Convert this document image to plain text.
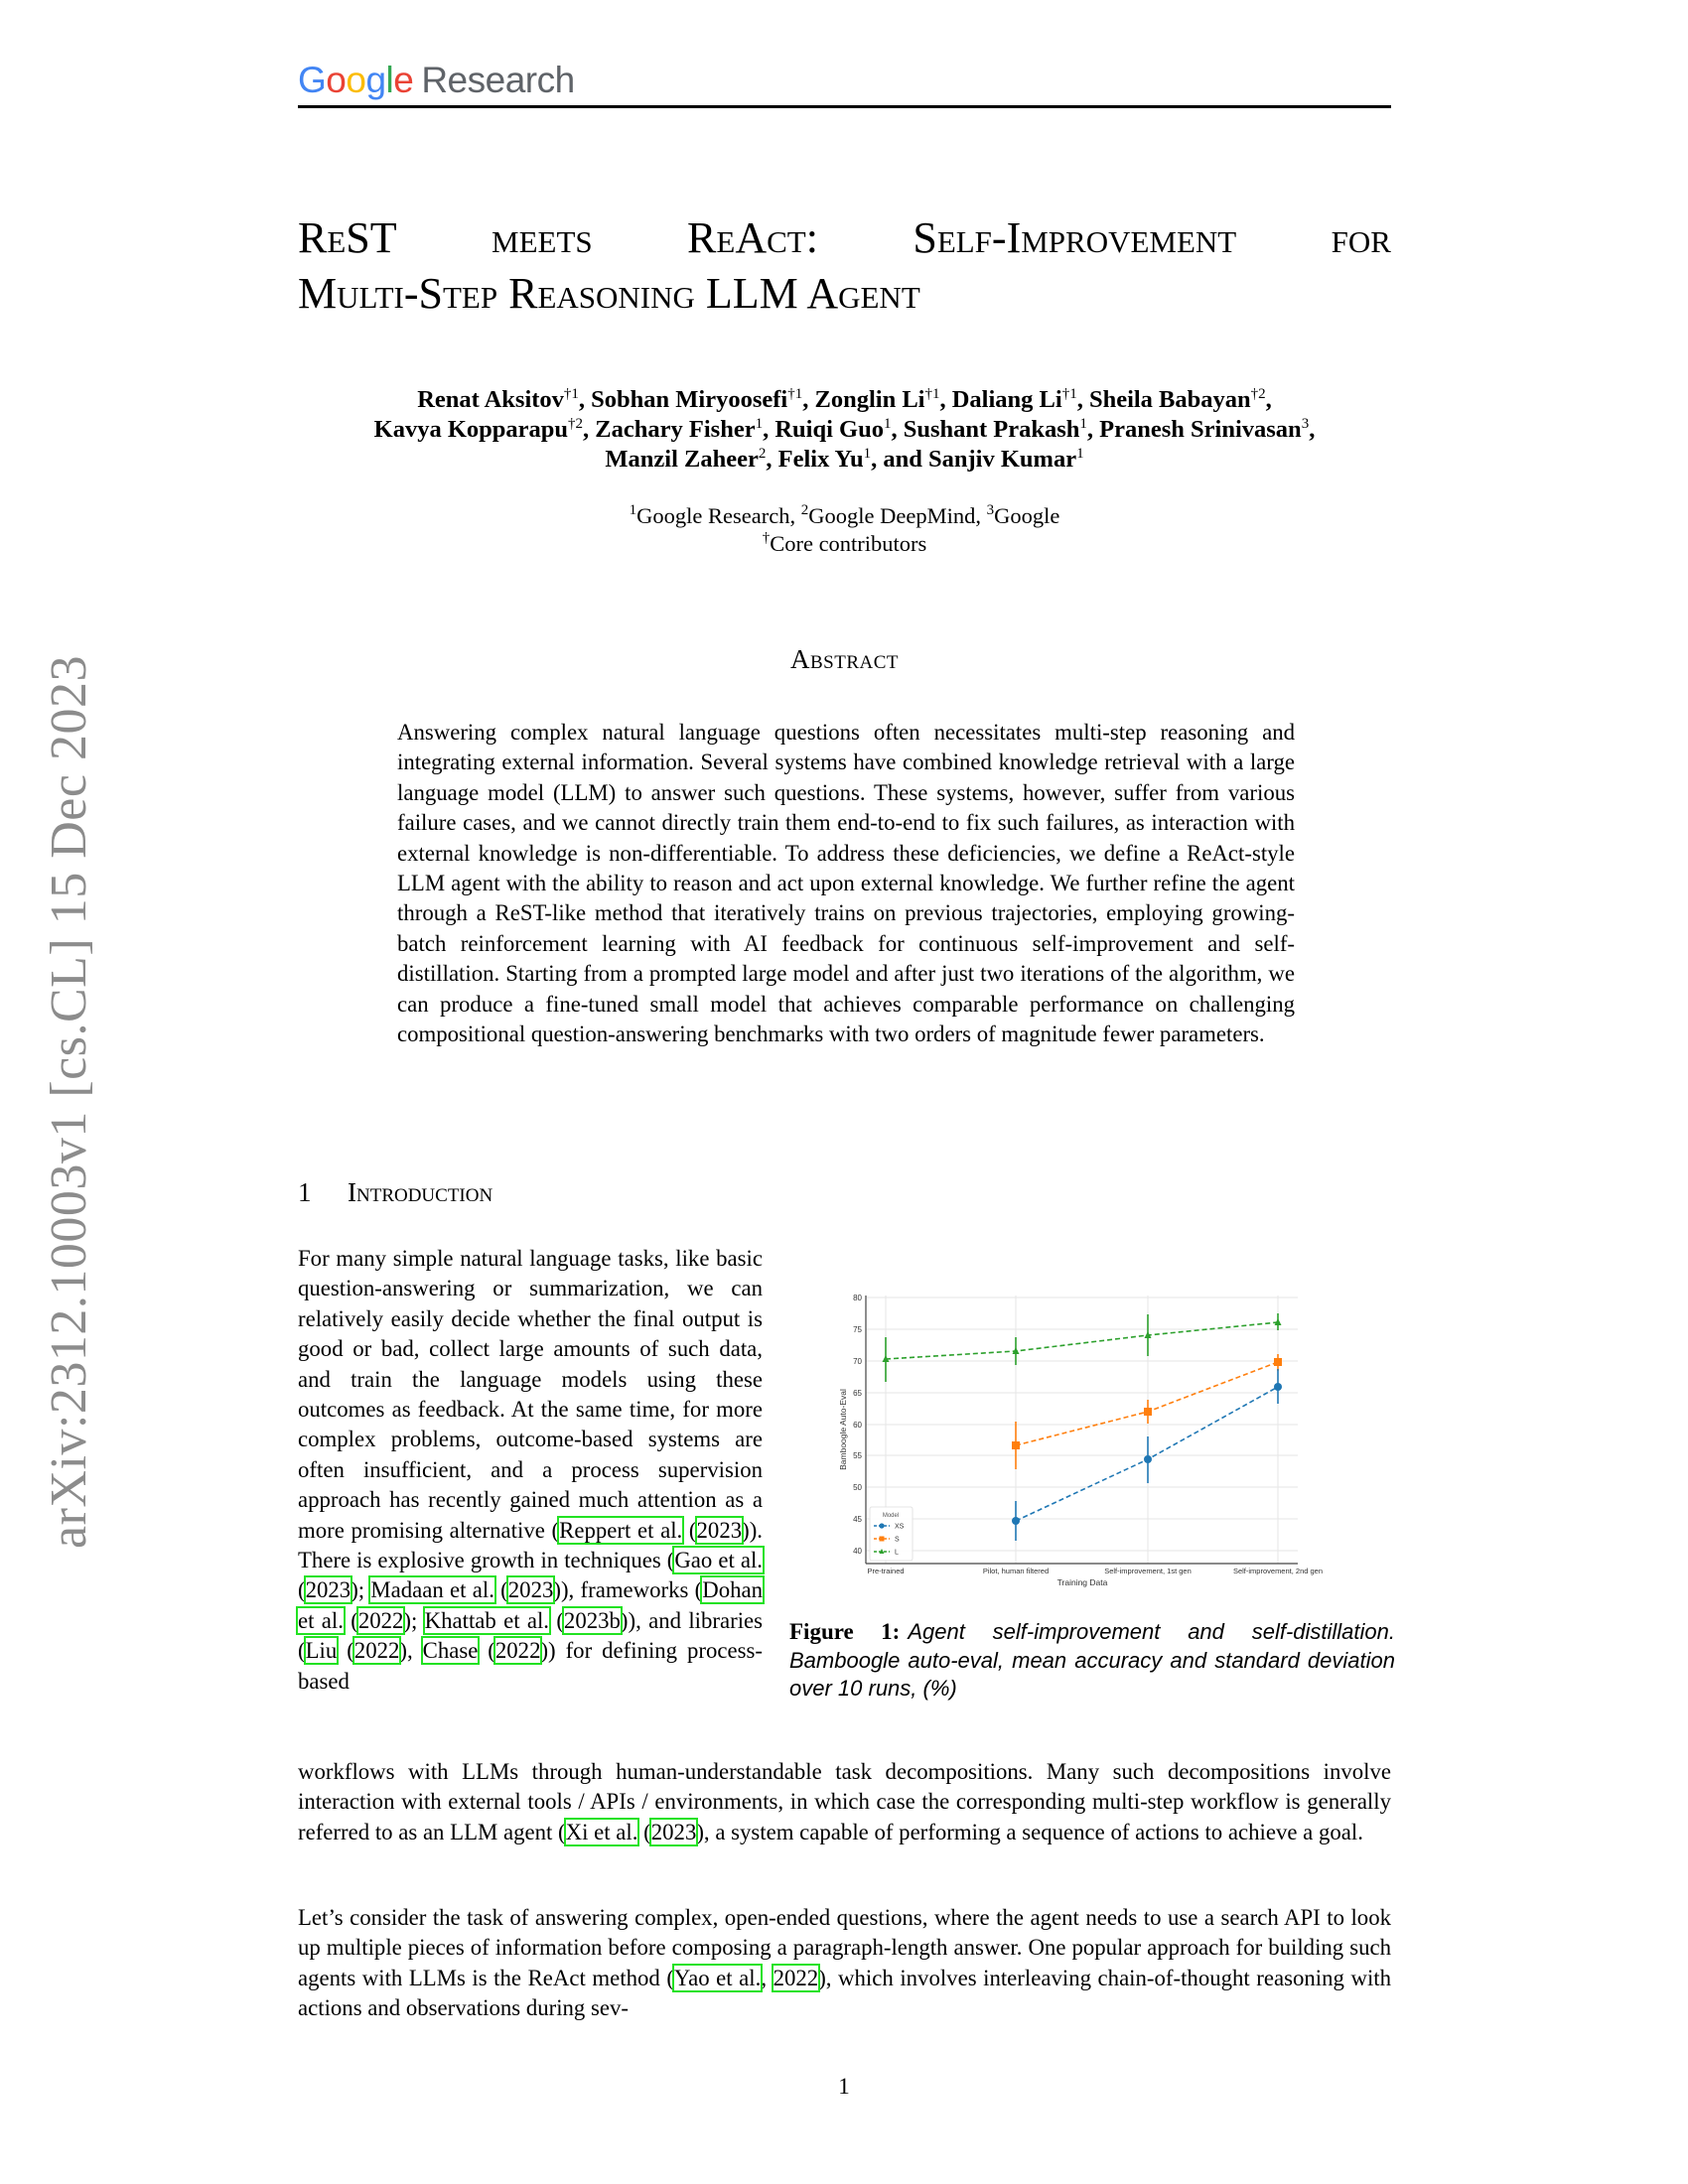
arXiv:2312.10003v1 [cs.CL] 15 Dec 2023
Google Research
ReST meets ReAct: Self-Improvement for
Multi-Step Reasoning LLM Agent
Renat Aksitov$^{\dagger 1}$, Sobhan Miryoosefi$^{\dagger 1}$, Zonglin Li$^{\dagger 1}$, Daliang Li$^{\dagger 1}$, Sheila Babayan$^{\dagger 2}$,
Kavya Kopparapu$^{\dagger 2}$, Zachary Fisher$^1$, Ruiqi Guo$^1$, Sushant Prakash$^1$, Pranesh Srinivasan$^3$,
Manzil Zaheer$^2$, Felix Yu$^1$, and Sanjiv Kumar$^1$
$^1$Google Research, $^2$Google DeepMind, $^3$Google
†Core contributors
Abstract
Answering complex natural language questions often necessitates multi-step reasoning and integrating external information. Several systems have combined knowledge retrieval with a large language model (LLM) to answer such questions. These systems, however, suffer from various failure cases, and we cannot directly train them end-to-end to fix such failures, as interaction with external knowledge is non-differentiable. To address these deficiencies, we define a ReAct-style LLM agent with the ability to reason and act upon external knowledge. We further refine the agent through a ReST-like method that iteratively trains on previous trajectories, employing growing-batch reinforcement learning with AI feedback for continuous self-improvement and self-distillation. Starting from a prompted large model and after just two iterations of the algorithm, we can produce a fine-tuned small model that achieves comparable performance on challenging compositional question-answering benchmarks with two orders of magnitude fewer parameters.
1 Introduction
For many simple natural language tasks, like basic question-answering or summarization, we can relatively easily decide whether the final output is good or bad, collect large amounts of such data, and train the language models using these outcomes as feedback. At the same time, for more complex problems, outcome-based systems are often insufficient, and a process supervision approach has recently gained much attention as a more promising alternative (Reppert et al. (2023)). There is explosive growth in techniques (Gao et al. (2023); Madaan et al. (2023)), frameworks (Dohan et al. (2022); Khattab et al. (2023b)), and libraries (Liu (2022), Chase (2022)) for defining process-based
80
75
70
65
60
55
50
45
40
Pre-trained	Pilot, human filtered	Self-improvement, 1st gen	Self-improvement, 2nd gen
Training Data
Bamboogle Auto-Eval
Model
XS
S
L
Figure 1: Agent self-improvement and self-distillation. Bamboogle auto-eval, mean accuracy and standard deviation over 10 runs, (%)
workflows with LLMs through human-understandable task decompositions. Many such decompositions involve interaction with external tools / APIs / environments, in which case the corresponding multi-step workflow is generally referred to as an LLM agent (Xi et al. (2023), a system capable of performing a sequence of actions to achieve a goal.
Let’s consider the task of answering complex, open-ended questions, where the agent needs to use a search API to look up multiple pieces of information before composing a paragraph-length answer. One popular approach for building such agents with LLMs is the ReAct method (Yao et al., 2022), which involves interleaving chain-of-thought reasoning with actions and observations during sev-
1
